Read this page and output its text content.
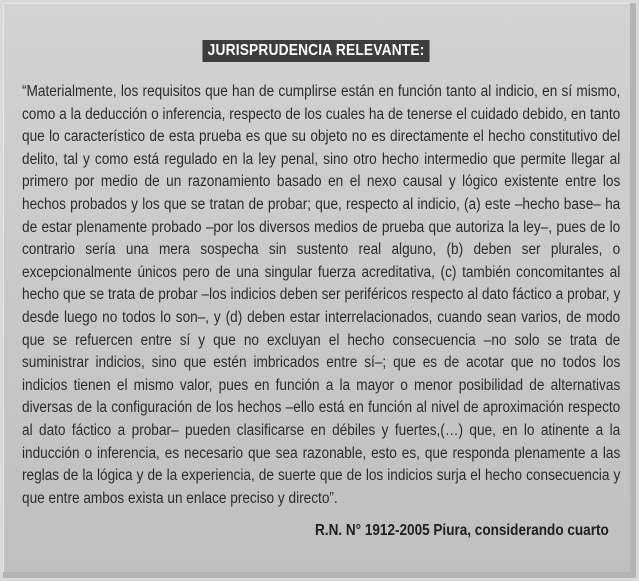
JURISPRUDENCIA RELEVANTE:

“Materialmente, los requisitos que han de cumplirse están en función tanto al indicio, en sí mismo, como a la deducción o inferencia, respecto de los cuales ha de tenerse el cuidado debido, en tanto que lo característico de esta prueba es que su objeto no es directamente el hecho constitutivo del delito, tal y como está regulado en la ley penal, sino otro hecho intermedio que permite llegar al primero por medio de un razonamiento basado en el nexo causal y lógico existente entre los hechos probados y los que se tratan de probar; que, respecto al indicio, (a) este –hecho base– ha de estar plenamente probado –por los diversos medios de prueba que autoriza la ley–, pues de lo contrario sería una mera sospecha sin sustento real alguno, (b) deben ser plurales, o excepcionalmente únicos pero de una singular fuerza acreditativa, (c) también concomitantes al hecho que se trata de probar –los indicios deben ser periféricos respecto al dato fáctico a probar, y desde luego no todos lo son–, y (d) deben estar interrelacionados, cuando sean varios, de modo que se refuercen entre sí y que no excluyan el hecho consecuencia –no solo se trata de suministrar indicios, sino que estén imbricados entre sí–; que es de acotar que no todos los indicios tienen el mismo valor, pues en función a la mayor o menor posibilidad de alternativas diversas de la configuración de los hechos –ello está en función al nivel de aproximación respecto al dato fáctico a probar– pueden clasificarse en débiles y fuertes,(…) que, en lo atinente a la inducción o inferencia, es necesario que sea razonable, esto es, que responda plenamente a las reglas de la lógica y de la experiencia, de suerte que de los indicios surja el hecho consecuencia y que entre ambos exista un enlace preciso y directo”.

R.N. N° 1912-2005 Piura, considerando cuarto
